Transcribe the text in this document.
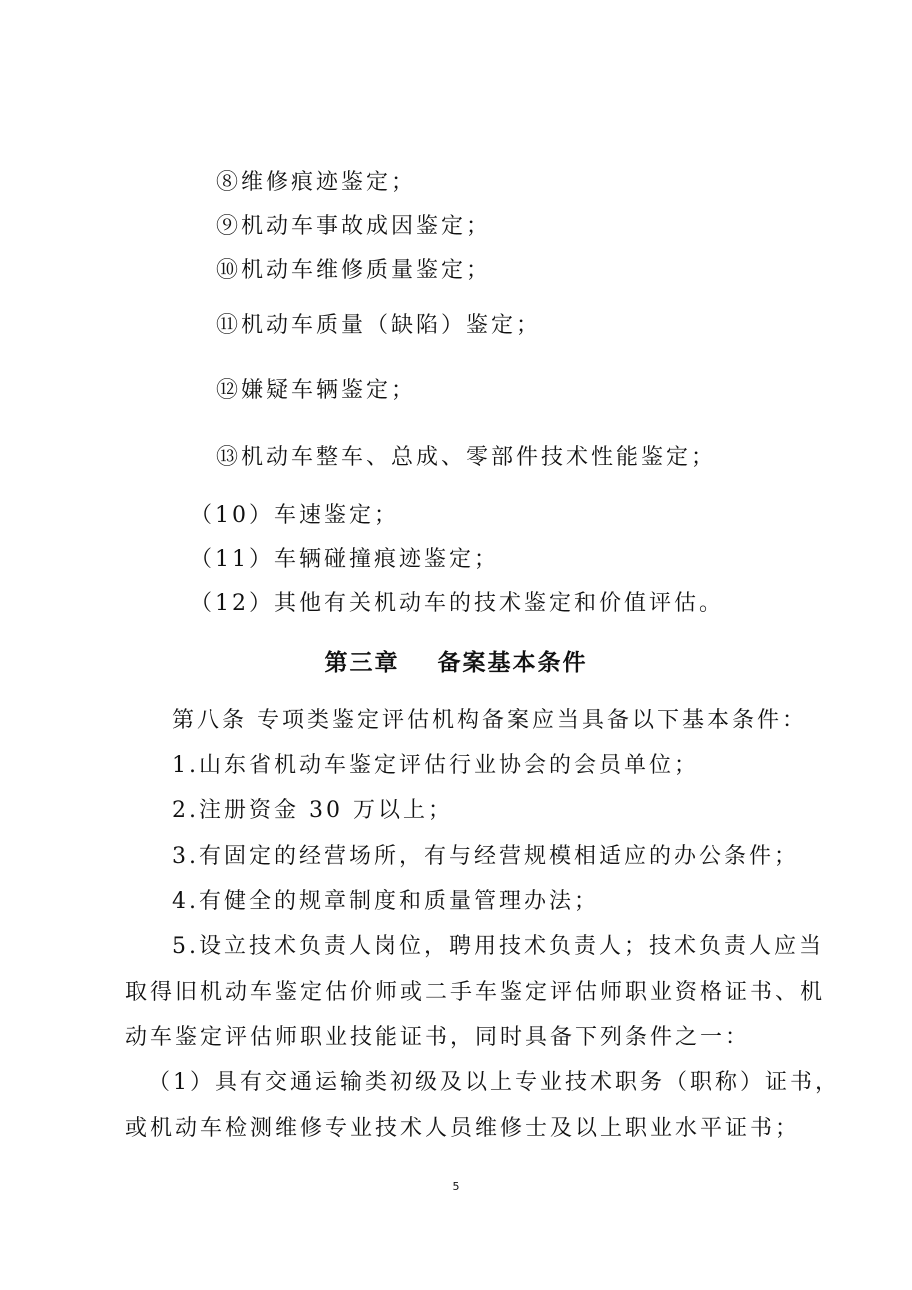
⑧维修痕迹鉴定；
⑨机动车事故成因鉴定；
⑩机动车维修质量鉴定；
⑪机动车质量（缺陷）鉴定；
⑫嫌疑车辆鉴定；
⑬机动车整车、总成、零部件技术性能鉴定；
（10）车速鉴定；
（11）车辆碰撞痕迹鉴定；
（12）其他有关机动车的技术鉴定和价值评估。
第三章 备案基本条件
第八条 专项类鉴定评估机构备案应当具备以下基本条件：
1.山东省机动车鉴定评估行业协会的会员单位；
2.注册资金 30 万以上；
3.有固定的经营场所，有与经营规模相适应的办公条件；
4.有健全的规章制度和质量管理办法；
5.设立技术负责人岗位，聘用技术负责人；技术负责人应当
取得旧机动车鉴定估价师或二手车鉴定评估师职业资格证书、机
动车鉴定评估师职业技能证书，同时具备下列条件之一：
（1）具有交通运输类初级及以上专业技术职务（职称）证书，
或机动车检测维修专业技术人员维修士及以上职业水平证书；
5
